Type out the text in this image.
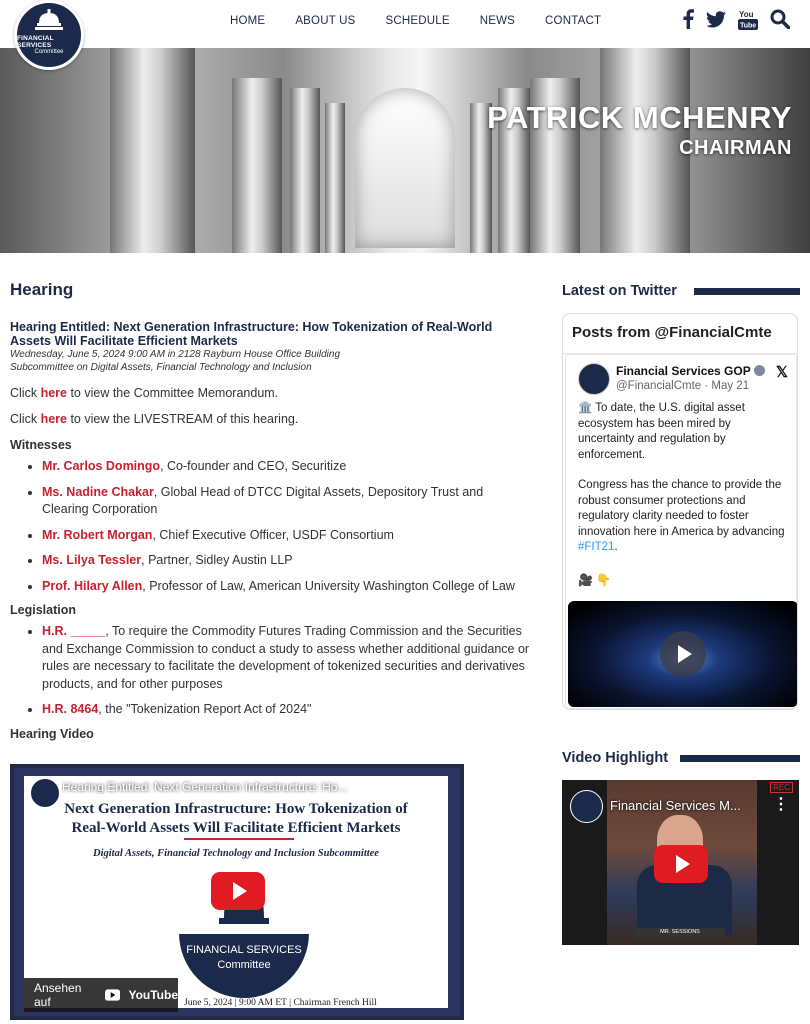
HOME	ABOUT US	SCHEDULE	NEWS	CONTACT
You
Tube
FINANCIAL SERVICES
Committee
PATRICK MCHENRY
CHAIRMAN
Hearing
Hearing Entitled: Next Generation Infrastructure: How Tokenization of Real-World Assets Will Facilitate Efficient Markets
Wednesday, June 5, 2024 9:00 AM in 2128 Rayburn House Office Building
Subcommittee on Digital Assets, Financial Technology and Inclusion
Click here to view the Committee Memorandum.
Click here to view the LIVESTREAM of this hearing.
Witnesses
• Mr. Carlos Domingo, Co-founder and CEO, Securitize
• Ms. Nadine Chakar, Global Head of DTCC Digital Assets, Depository Trust and Clearing Corporation
• Mr. Robert Morgan, Chief Executive Officer, USDF Consortium
• Ms. Lilya Tessler, Partner, Sidley Austin LLP
• Prof. Hilary Allen, Professor of Law, American University Washington College of Law
Legislation
• H.R. _____, To require the Commodity Futures Trading Commission and the Securities and Exchange Commission to conduct a study to assess whether additional guidance or rules are necessary to facilitate the development of tokenized securities and derivatives products, and for other purposes
• H.R. 8464, the "Tokenization Report Act of 2024"
Hearing Video
Next Generation Infrastructure: How Tokenization of
Real-World Assets Will Facilitate Efficient Markets
Digital Assets, Financial Technology and Inclusion Subcommittee
FINANCIAL SERVICES
Committee
June 5, 2024 | 9:00 AM ET | Chairman French Hill
Hearing Entitled: Next Generation Infrastructure: Ho...
Teilen
Ansehen auf	YouTube
Latest on Twitter
Posts from @FinancialCmte
Financial Services GOP
@FinancialCmte · May 21
𝕏
🏛️ To date, the U.S. digital asset ecosystem has been mired by uncertainty and regulation by enforcement.
Congress has the chance to provide the robust consumer protections and regulatory clarity needed to foster innovation here in America by advancing #FIT21.
🎥 👇
Video Highlight
MR. SESSIONS
REC
Financial Services M...	⋮
